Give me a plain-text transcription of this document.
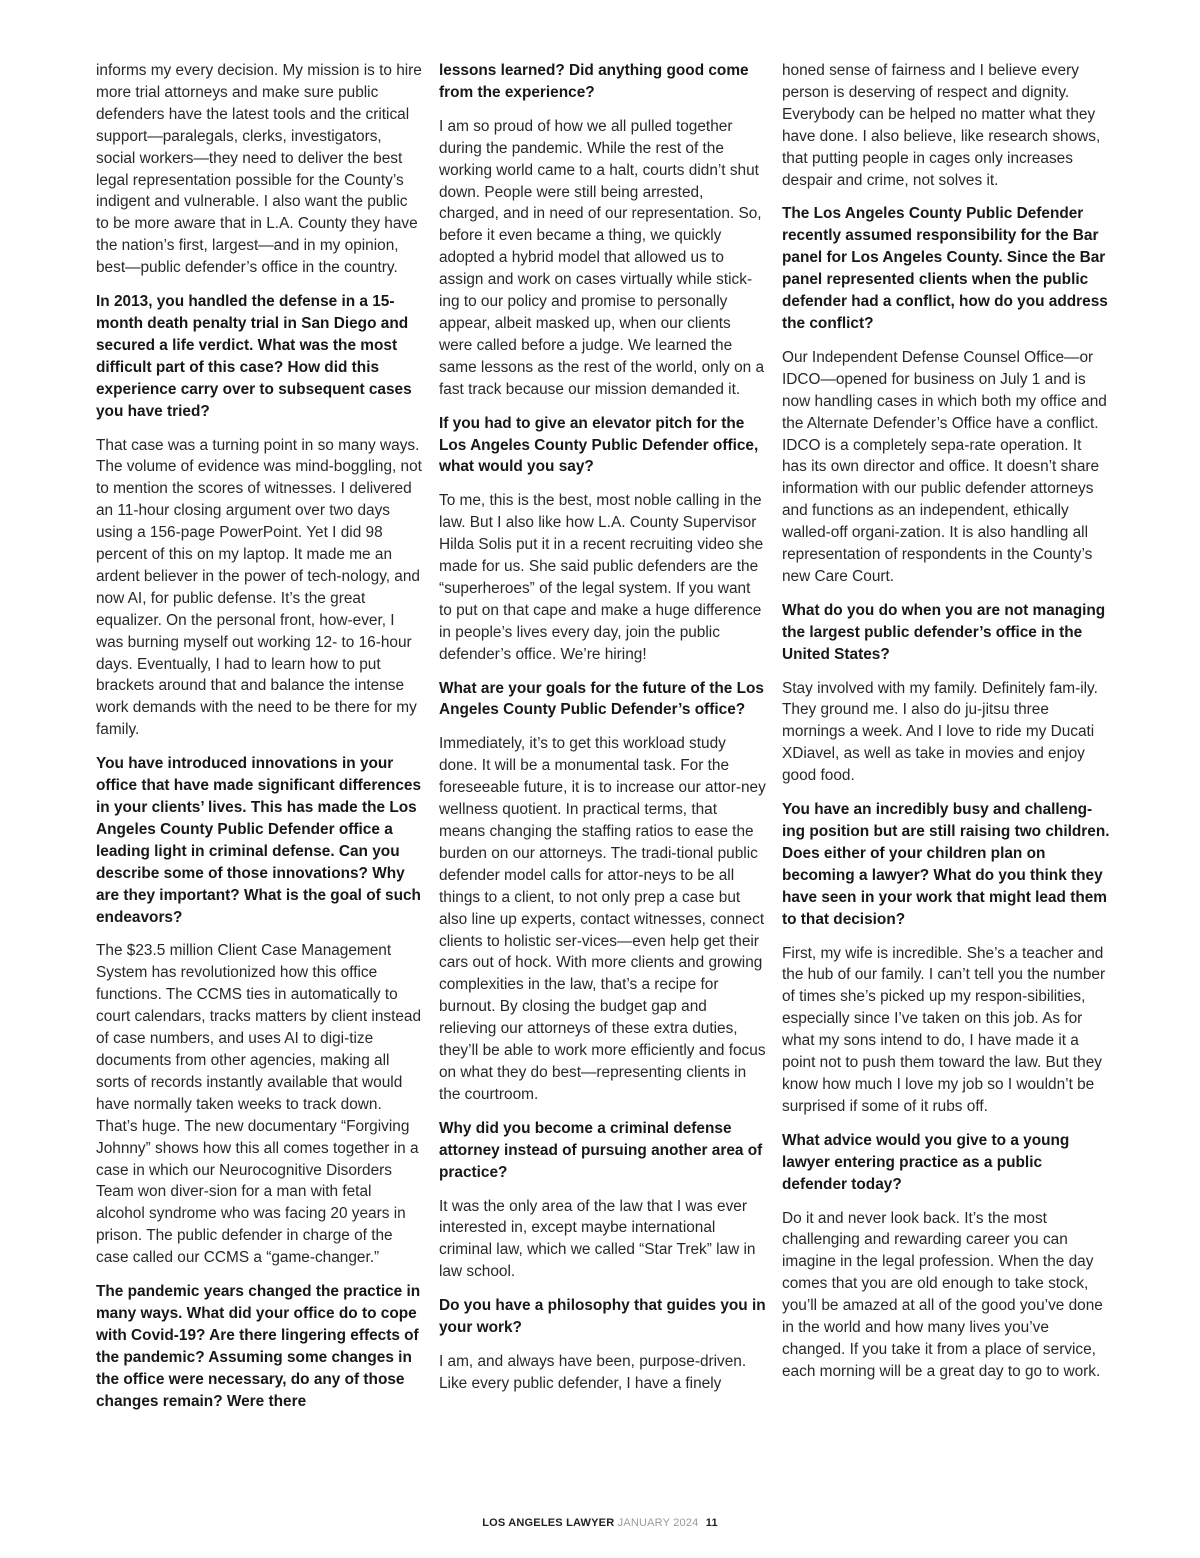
informs my every decision. My mission is to hire more trial attorneys and make sure public defenders have the latest tools and the critical support—paralegals, clerks, investigators, social workers—they need to deliver the best legal representation possible for the County’s indigent and vulnerable. I also want the public to be more aware that in L.A. County they have the nation’s first, largest—and in my opinion, best—public defender’s office in the country.

In 2013, you handled the defense in a 15-month death penalty trial in San Diego and secured a life verdict. What was the most difficult part of this case? How did this experience carry over to subsequent cases you have tried?

That case was a turning point in so many ways. The volume of evidence was mind-boggling, not to mention the scores of witnesses. I delivered an 11-hour closing argument over two days using a 156-page PowerPoint. Yet I did 98 percent of this on my laptop. It made me an ardent believer in the power of tech-nology, and now AI, for public defense. It’s the great equalizer. On the personal front, how-ever, I was burning myself out working 12- to 16-hour days. Eventually, I had to learn how to put brackets around that and balance the intense work demands with the need to be there for my family.

You have introduced innovations in your office that have made significant differences in your clients’ lives. This has made the Los Angeles County Public Defender office a leading light in criminal defense. Can you describe some of those innovations? Why are they important? What is the goal of such endeavors?

The $23.5 million Client Case Management System has revolutionized how this office functions. The CCMS ties in automatically to court calendars, tracks matters by client instead of case numbers, and uses AI to digi-tize documents from other agencies, making all sorts of records instantly available that would have normally taken weeks to track down. That’s huge. The new documentary “Forgiving Johnny” shows how this all comes together in a case in which our Neurocognitive Disorders Team won diver-sion for a man with fetal alcohol syndrome who was facing 20 years in prison. The public defender in charge of the case called our CCMS a “game-changer.”

The pandemic years changed the practice in many ways. What did your office do to cope with Covid-19? Are there lingering effects of the pandemic? Assuming some changes in the office were necessary, do any of those changes remain? Were there

lessons learned? Did anything good come from the experience?

I am so proud of how we all pulled together during the pandemic. While the rest of the working world came to a halt, courts didn’t shut down. People were still being arrested, charged, and in need of our representation. So, before it even became a thing, we quickly adopted a hybrid model that allowed us to assign and work on cases virtually while stick-ing to our policy and promise to personally appear, albeit masked up, when our clients were called before a judge. We learned the same lessons as the rest of the world, only on a fast track because our mission demanded it.

If you had to give an elevator pitch for the Los Angeles County Public Defender office, what would you say?

To me, this is the best, most noble calling in the law. But I also like how L.A. County Supervisor Hilda Solis put it in a recent recruiting video she made for us. She said public defenders are the “superheroes” of the legal system. If you want to put on that cape and make a huge difference in people’s lives every day, join the public defender’s office. We’re hiring!

What are your goals for the future of the Los Angeles County Public Defender’s office?

Immediately, it’s to get this workload study done. It will be a monumental task. For the foreseeable future, it is to increase our attor-ney wellness quotient. In practical terms, that means changing the staffing ratios to ease the burden on our attorneys. The tradi-tional public defender model calls for attor-neys to be all things to a client, to not only prep a case but also line up experts, contact witnesses, connect clients to holistic ser-vices—even help get their cars out of hock. With more clients and growing complexities in the law, that’s a recipe for burnout. By closing the budget gap and relieving our attorneys of these extra duties, they’ll be able to work more efficiently and focus on what they do best—representing clients in the courtroom.

Why did you become a criminal defense attorney instead of pursuing another area of practice?

It was the only area of the law that I was ever interested in, except maybe international criminal law, which we called “Star Trek” law in law school.

Do you have a philosophy that guides you in your work?

I am, and always have been, purpose-driven. Like every public defender, I have a finely

honed sense of fairness and I believe every person is deserving of respect and dignity. Everybody can be helped no matter what they have done. I also believe, like research shows, that putting people in cages only increases despair and crime, not solves it.

The Los Angeles County Public Defender recently assumed responsibility for the Bar panel for Los Angeles County. Since the Bar panel represented clients when the public defender had a conflict, how do you address the conflict?

Our Independent Defense Counsel Office—or IDCO—opened for business on July 1 and is now handling cases in which both my office and the Alternate Defender’s Office have a conflict. IDCO is a completely sepa-rate operation. It has its own director and office. It doesn’t share information with our public defender attorneys and functions as an independent, ethically walled-off organi-zation. It is also handling all representation of respondents in the County’s new Care Court.

What do you do when you are not managing the largest public defender’s office in the United States?

Stay involved with my family. Definitely fam-ily. They ground me. I also do ju-jitsu three mornings a week. And I love to ride my Ducati XDiavel, as well as take in movies and enjoy good food.

You have an incredibly busy and challeng-ing position but are still raising two children. Does either of your children plan on becoming a lawyer? What do you think they have seen in your work that might lead them to that decision?

First, my wife is incredible. She’s a teacher and the hub of our family. I can’t tell you the number of times she’s picked up my respon-sibilities, especially since I’ve taken on this job. As for what my sons intend to do, I have made it a point not to push them toward the law. But they know how much I love my job so I wouldn’t be surprised if some of it rubs off.

What advice would you give to a young lawyer entering practice as a public defender today?

Do it and never look back. It’s the most challenging and rewarding career you can imagine in the legal profession. When the day comes that you are old enough to take stock, you’ll be amazed at all of the good you’ve done in the world and how many lives you’ve changed. If you take it from a place of service, each morning will be a great day to go to work.

LOS ANGELES LAWYER JANUARY 2024 11
